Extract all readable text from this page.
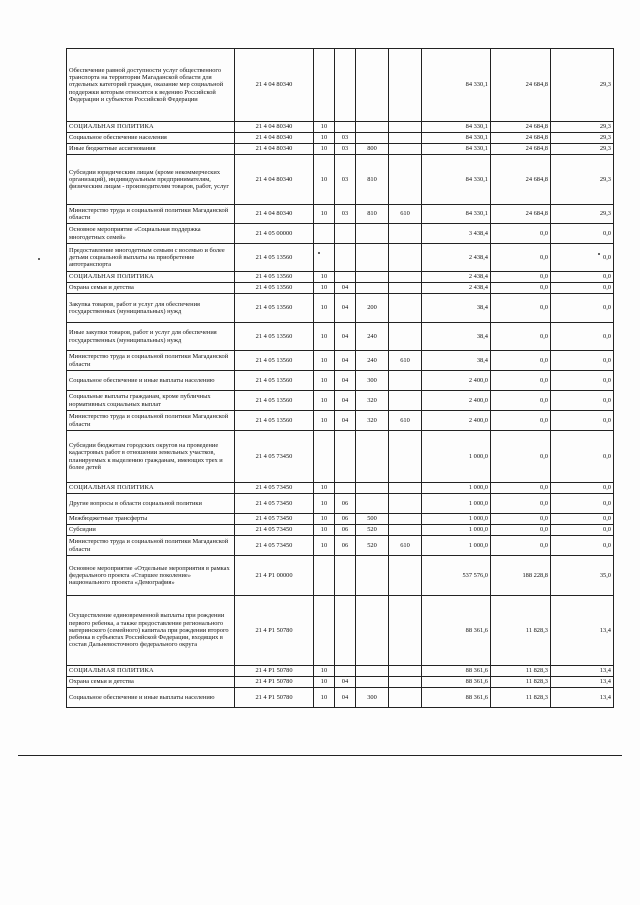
Обеспечение равной доступности услуг общественного транспорта на территории Магаданской области для отдельных категорий граждан, оказание мер социальной поддержки которым относится к ведению Российской Федерации и субъектов Российской Федерации	21 4 04 80340					84 330,1	24 684,8	29,3
СОЦИАЛЬНАЯ ПОЛИТИКА	21 4 04 80340	10				84 330,1	24 684,8	29,3
Социальное обеспечение населения	21 4 04 80340	10	03			84 330,1	24 684,8	29,3
Иные бюджетные ассигнования	21 4 04 80340	10	03	800		84 330,1	24 684,8	29,3
Субсидии юридическим лицам (кроме некоммерческих организаций), индивидуальным предпринимателям, физическим лицам - производителям товаров, работ, услуг	21 4 04 80340	10	03	810		84 330,1	24 684,8	29,3
Министерство труда и социальной политики Магаданской области	21 4 04 80340	10	03	810	610	84 330,1	24 684,8	29,3
Основное мероприятие «Социальная поддержка многодетных семей»	21 4 05 00000					3 438,4	0,0	0,0
Предоставление многодетным семьям с восемью и более детьми социальной выплаты на приобретение автотранспорта	21 4 05 13560					2 438,4	0,0	0,0
СОЦИАЛЬНАЯ ПОЛИТИКА	21 4 05 13560	10				2 438,4	0,0	0,0
Охрана семьи и детства	21 4 05 13560	10	04			2 438,4	0,0	0,0
Закупка товаров, работ и услуг для обеспечения государственных (муниципальных) нужд	21 4 05 13560	10	04	200		38,4	0,0	0,0
Иные закупки товаров, работ и услуг для обеспечения государственных (муниципальных) нужд	21 4 05 13560	10	04	240		38,4	0,0	0,0
Министерство труда и социальной политики Магаданской области	21 4 05 13560	10	04	240	610	38,4	0,0	0,0
Социальное обеспечение и иные выплаты населению	21 4 05 13560	10	04	300		2 400,0	0,0	0,0
Социальные выплаты гражданам, кроме публичных нормативных социальных выплат	21 4 05 13560	10	04	320		2 400,0	0,0	0,0
Министерство труда и социальной политики Магаданской области	21 4 05 13560	10	04	320	610	2 400,0	0,0	0,0
Субсидии бюджетам городских округов на проведение кадастровых работ в отношении земельных участков, планируемых к выделению гражданам, имеющих трех и более детей	21 4 05 73450					1 000,0	0,0	0,0
СОЦИАЛЬНАЯ ПОЛИТИКА	21 4 05 73450	10				1 000,0	0,0	0,0
Другие вопросы в области социальной политики	21 4 05 73450	10	06			1 000,0	0,0	0,0
Межбюджетные трансферты	21 4 05 73450	10	06	500		1 000,0	0,0	0,0
Субсидии	21 4 05 73450	10	06	520		1 000,0	0,0	0,0
Министерство труда и социальной политики Магаданской области	21 4 05 73450	10	06	520	610	1 000,0	0,0	0,0
Основное мероприятие «Отдельные мероприятия в рамках федерального проекта «Старшее поколение» национального проекта «Демография»	21 4 Р1 00000					537 576,0	188 228,8	35,0
Осуществление единовременной выплаты при рождении первого ребенка, а также предоставление регионального материнского (семейного) капитала при рождении второго ребенка в субъектах Российской Федерации, входящих в состав Дальневосточного федерального округа	21 4 Р1 50780					88 361,6	11 828,3	13,4
СОЦИАЛЬНАЯ ПОЛИТИКА	21 4 Р1 50780	10				88 361,6	11 828,3	13,4
Охрана семьи и детства	21 4 Р1 50780	10	04			88 361,6	11 828,3	13,4
Социальное обеспечение и иные выплаты населению	21 4 Р1 50780	10	04	300		88 361,6	11 828,3	13,4
